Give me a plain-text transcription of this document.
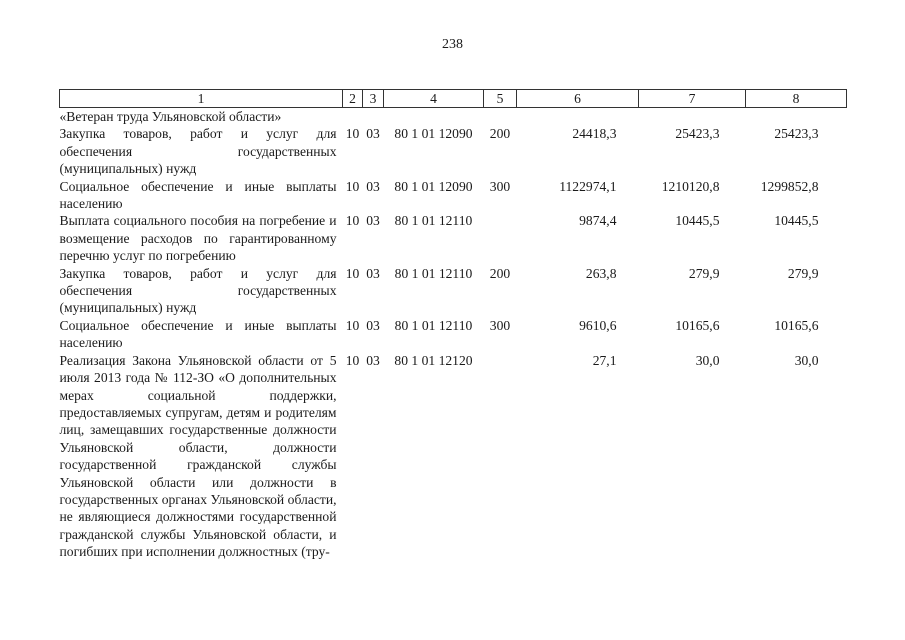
238
1	2	3	4	5	6	7	8
«Ветеран труда Ульяновской области»							
Закупка товаров, работ и услуг для обеспечения государственных (муниципальных) нужд	10	03	80 1 01 12090	200	24418,3	25423,3	25423,3
Социальное обеспечение и иные выплаты населению	10	03	80 1 01 12090	300	1122974,1	1210120,8	1299852,8
Выплата социального пособия на погребение и возмещение расходов по гарантированному перечню услуг по погребению	10	03	80 1 01 12110		9874,4	10445,5	10445,5
Закупка товаров, работ и услуг для обеспечения государственных (муниципальных) нужд	10	03	80 1 01 12110	200	263,8	279,9	279,9
Социальное обеспечение и иные выплаты населению	10	03	80 1 01 12110	300	9610,6	10165,6	10165,6
Реализация Закона Ульяновской области от 5 июля 2013 года № 112-ЗО «О дополнительных мерах социальной поддержки, предоставляемых супругам, детям и родителям лиц, замещавших государственные должности Ульяновской области, должности государственной гражданской службы Ульяновской области или должности в государственных органах Ульяновской области, не являющиеся должностями государственной гражданской службы Ульяновской области, и погибших при исполнении должностных (тру-	10	03	80 1 01 12120		27,1	30,0	30,0
